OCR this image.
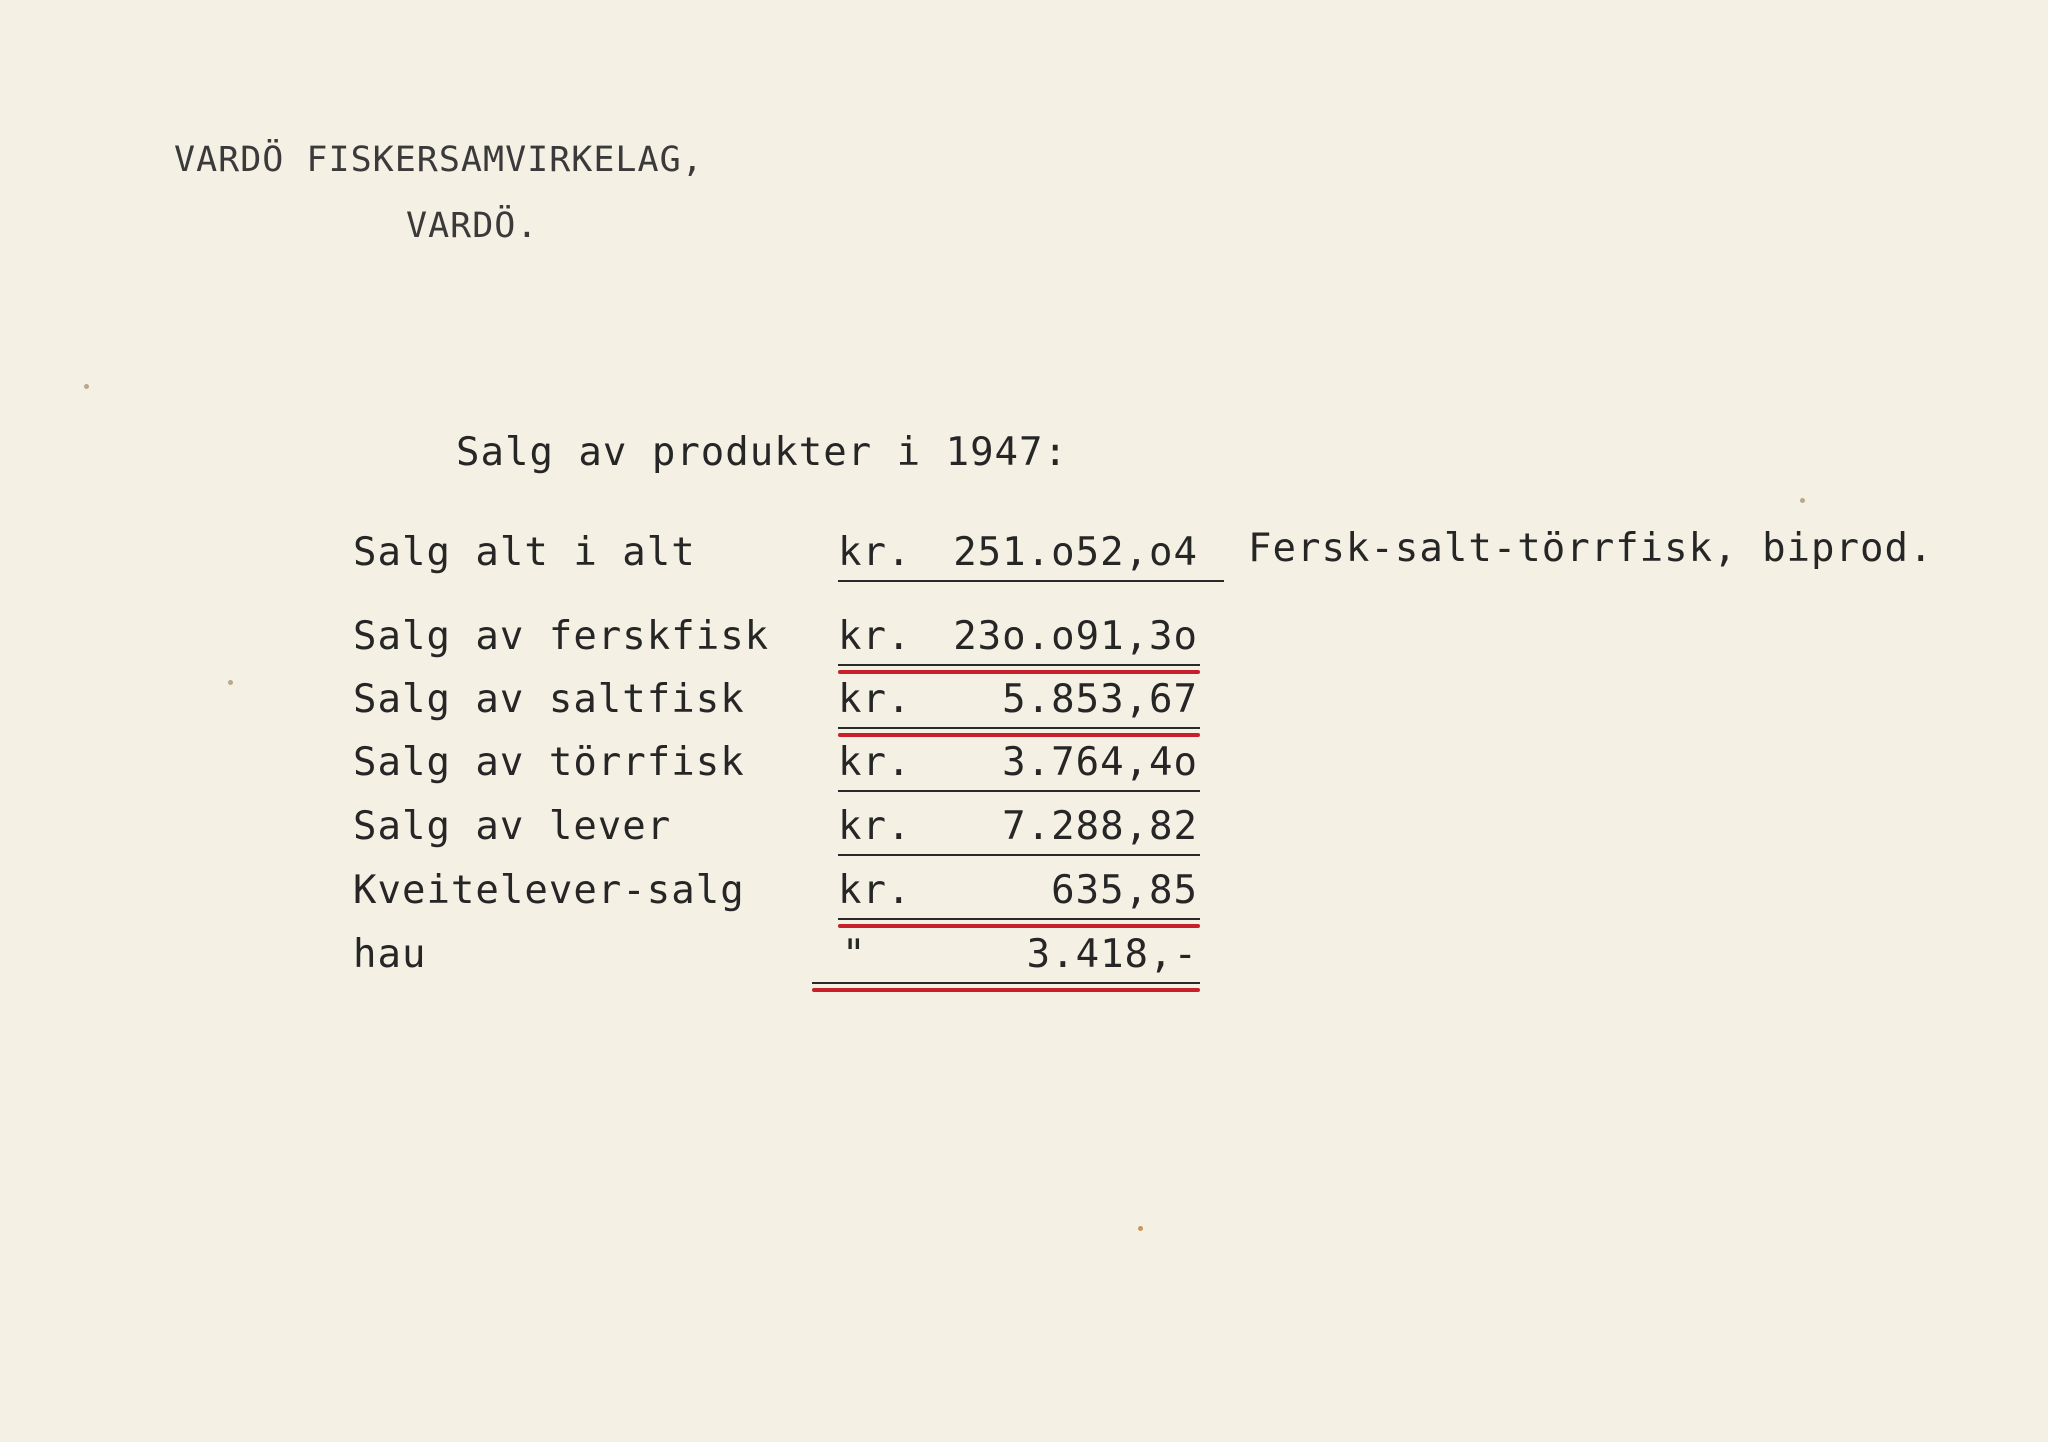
VARDÖ FISKERSAMVIRKELAG,
VARDÖ.
Salg av produkter i 1947:
Salg alt i alt	kr. 251.o52,o4 Fersk-salt-törrfisk, biprod.
Salg av ferskfisk kr. 23o.o91,3o
Salg av saltfisk kr. 5.853,67
Salg av törrfisk kr. 3.764,4o
Salg av lever	kr. 7.288,82
Kveitelever-salg kr.	635,85
hau	"	3.418,-
